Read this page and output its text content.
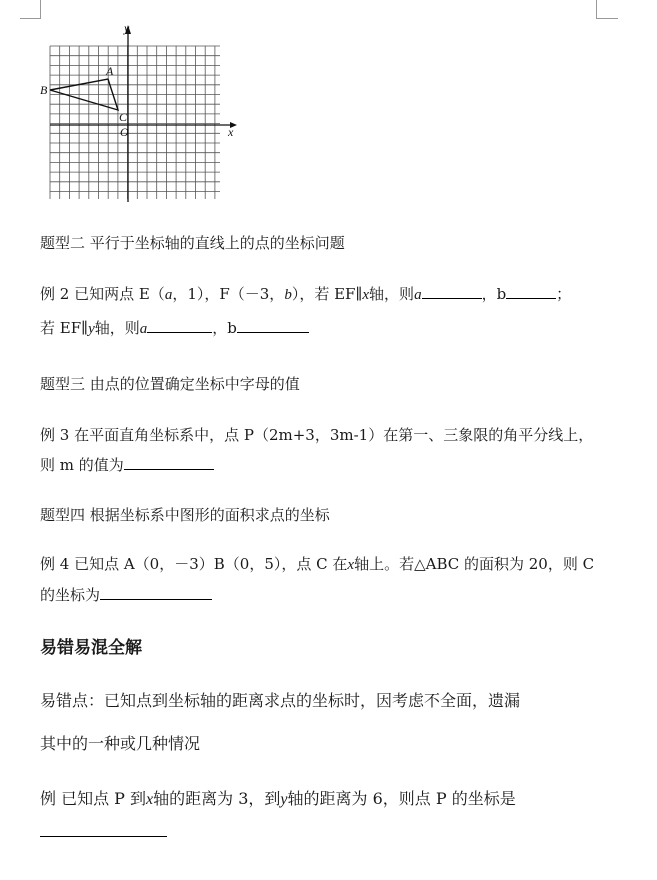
y
x
A
B
C
O
题型二 平行于坐标轴的直线上的点的坐标问题
例 2 已知两点 E（a，1），F（－3，b），若 EF∥x轴，则a	，b	；
若 EF∥y轴，则a	，b
题型三 由点的位置确定坐标中字母的值
例 3 在平面直角坐标系中，点 P（2m+3，3m-1）在第一、三象限的角平分线上，
则 m 的值为
题型四 根据坐标系中图形的面积求点的坐标
例 4 已知点 A（0，－3）B（0，5），点 C 在x轴上。若△ABC 的面积为 20，则 C
的坐标为
易错易混全解
易错点：已知点到坐标轴的距离求点的坐标时，因考虑不全面，遗漏
其中的一种或几种情况
例 已知点 P 到x轴的距离为 3，到y轴的距离为 6，则点 P 的坐标是
